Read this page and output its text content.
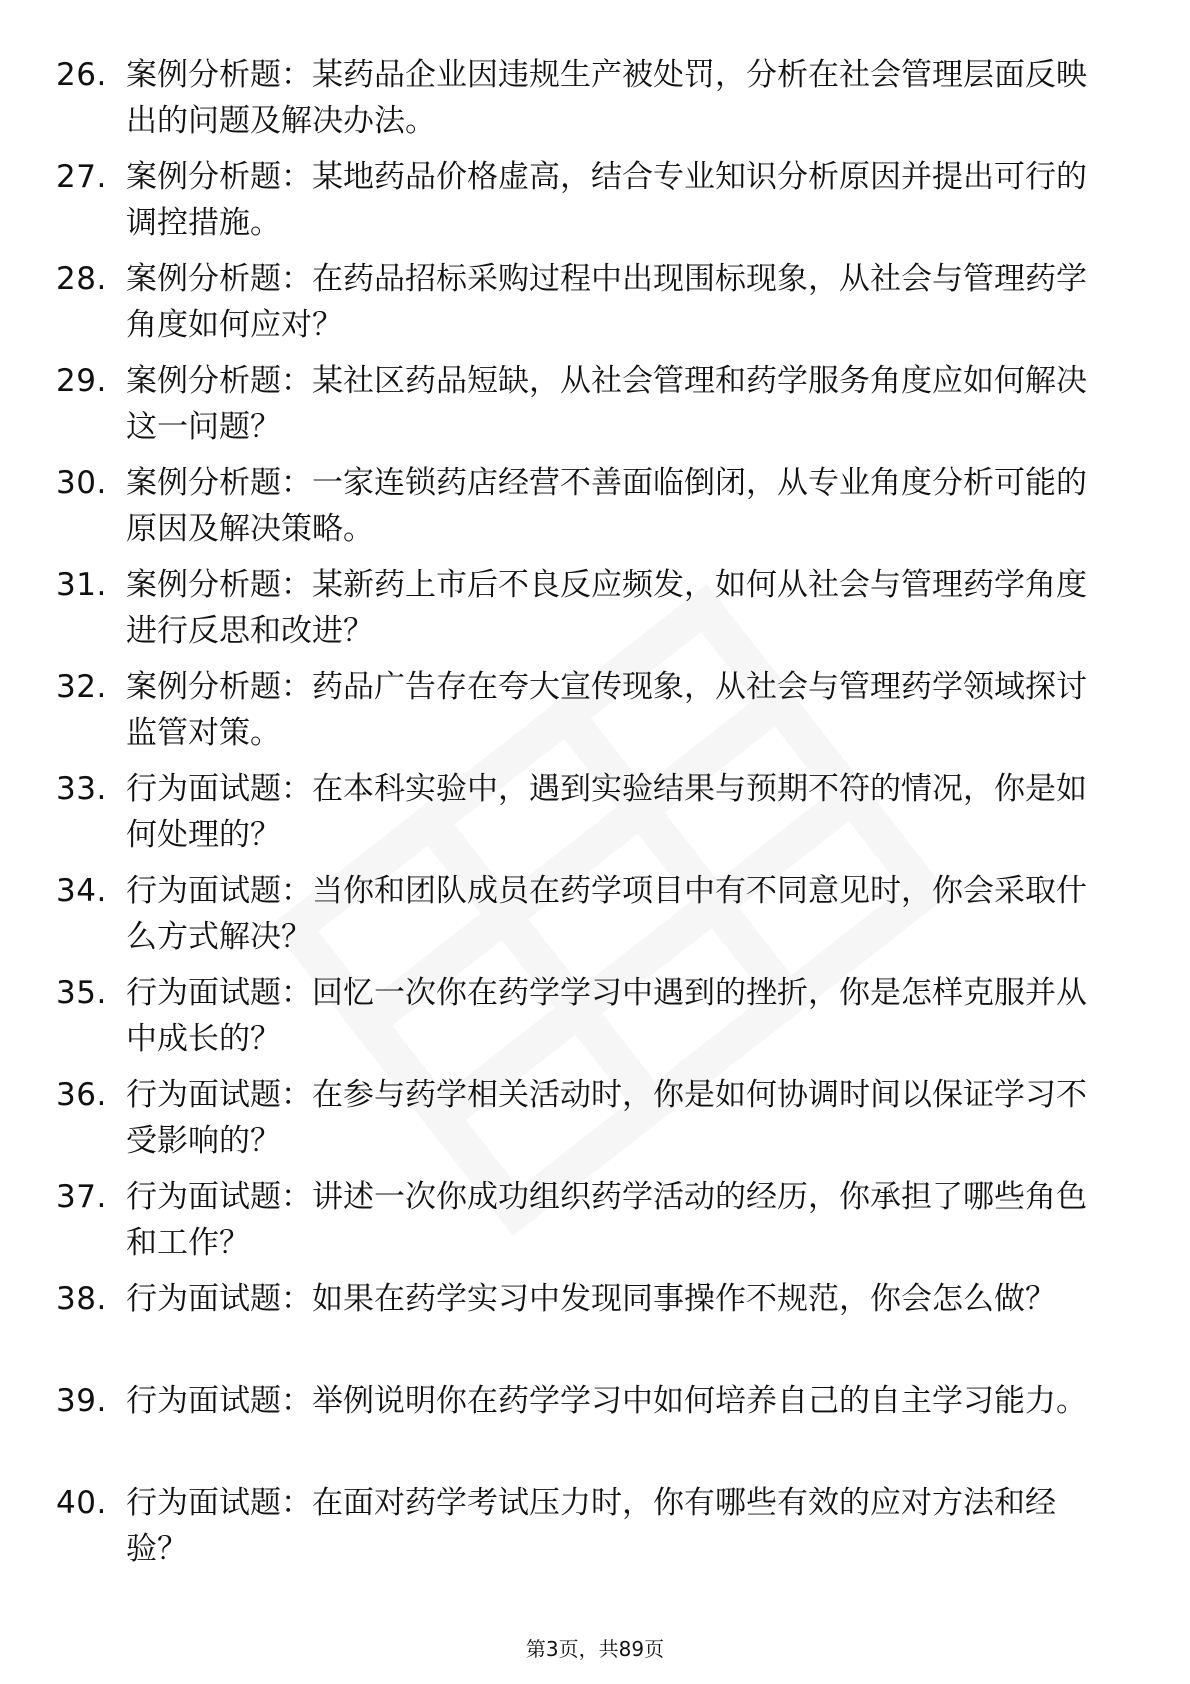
26. 案例分析题：某药品企业因违规生产被处罚，分析在社会管理层面反映出的问题及解决办法。
27. 案例分析题：某地药品价格虚高，结合专业知识分析原因并提出可行的调控措施。
28. 案例分析题：在药品招标采购过程中出现围标现象，从社会与管理药学角度如何应对？
29. 案例分析题：某社区药品短缺，从社会管理和药学服务角度应如何解决这一问题？
30. 案例分析题：一家连锁药店经营不善面临倒闭，从专业角度分析可能的原因及解决策略。
31. 案例分析题：某新药上市后不良反应频发，如何从社会与管理药学角度进行反思和改进？
32. 案例分析题：药品广告存在夸大宣传现象，从社会与管理药学领域探讨监管对策。
33. 行为面试题：在本科实验中，遇到实验结果与预期不符的情况，你是如何处理的？
34. 行为面试题：当你和团队成员在药学项目中有不同意见时，你会采取什么方式解决？
35. 行为面试题：回忆一次你在药学学习中遇到的挫折，你是怎样克服并从中成长的？
36. 行为面试题：在参与药学相关活动时，你是如何协调时间以保证学习不受影响的？
37. 行为面试题：讲述一次你成功组织药学活动的经历，你承担了哪些角色和工作？
38. 行为面试题：如果在药学实习中发现同事操作不规范，你会怎么做？
39. 行为面试题：举例说明你在药学学习中如何培养自己的自主学习能力。
40. 行为面试题：在面对药学考试压力时，你有哪些有效的应对方法和经验？
第3页，共89页
